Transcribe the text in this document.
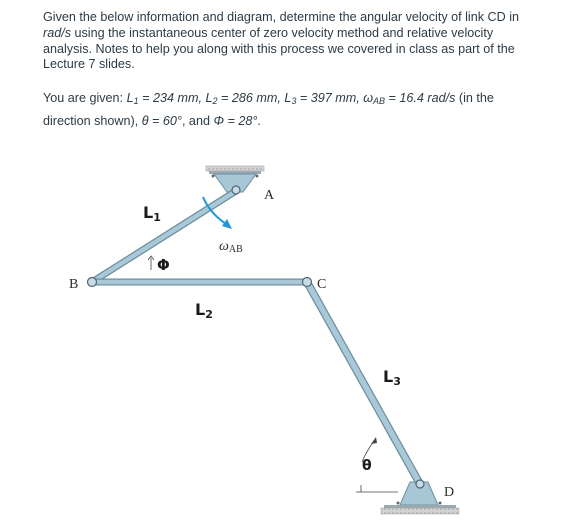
Given the below information and diagram, determine the angular velocity of link CD in rad/s using the instantaneous center of zero velocity method and relative velocity analysis. Notes to help you along with this process we covered in class as part of the Lecture 7 slides.
You are given: $L_1 = 234$ mm, $L_2 = 286$ mm, $L_3 = 397$ mm, $\omega_{AB} = 16.4$ rad/s (in the direction shown), θ = 60°, and Φ = 28°.
A
B	C
D
L1
L2
L3
ωAB
Φ
θ
